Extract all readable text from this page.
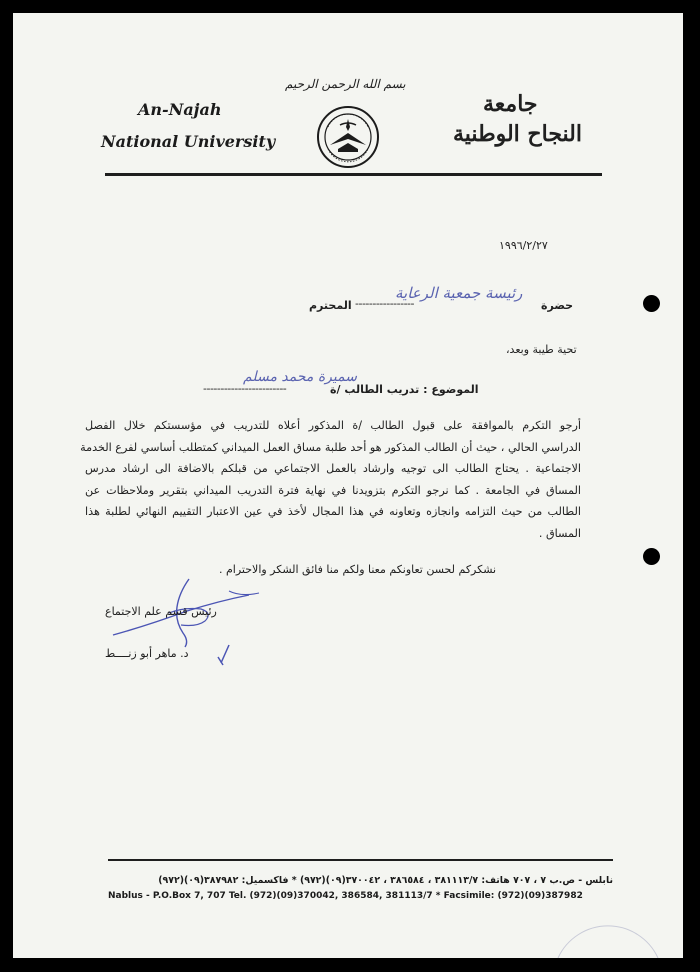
بسم الله الرحمن الرحيم
An-Najah
National University
جامعة
النجاح الوطنية
١٩٩٦/٢/٢٧
حضرة
رئيسة جمعية الرعاية
-----------------
المحترم
تحية طيبة وبعد،
الموضوع : تدريب الطالب /ة
سميرة محمد مسلم
------------------------
أرجو التكرم بالموافقة على قبول الطالب /ة المذكور أعلاه للتدريب في مؤسستكم خلال الفصل
الدراسي الحالي ، حيث أن الطالب المذكور هو أحد طلبة مساق العمل الميداني كمتطلب أساسي لفرع الخدمة
الاجتماعية . يحتاج الطالب الى توجيه وارشاد بالعمل الاجتماعي من قبلكم بالاضافة الى ارشاد مدرس
المساق في الجامعة . كما نرجو التكرم بتزويدنا في نهاية فترة التدريب الميداني بتقرير وملاحظات عن
الطالب من حيث التزامه وانجازه وتعاونه في هذا المجال لأخذ في عين الاعتبار التقييم النهائي لطلبة هذا
المساق .
نشكركم لحسن تعاونكم معنا ولكم منا فائق الشكر والاحترام .
رئيس قسم علم الاجتماع
د. ماهر أبو زنــــط
نابلس - ص.ب ٧ ، ٧٠٧ هاتف: ٣٨١١١٣/٧ ، ٣٨٦٥٨٤ ، ٣٧٠٠٤٢(٠٩)(٩٧٢) * فاكسميل: ٣٨٧٩٨٢(٠٩)(٩٧٢)
Nablus - P.O.Box 7, 707 Tel. (972)(09)370042, 386584, 381113/7 * Facsimile: (972)(09)387982
